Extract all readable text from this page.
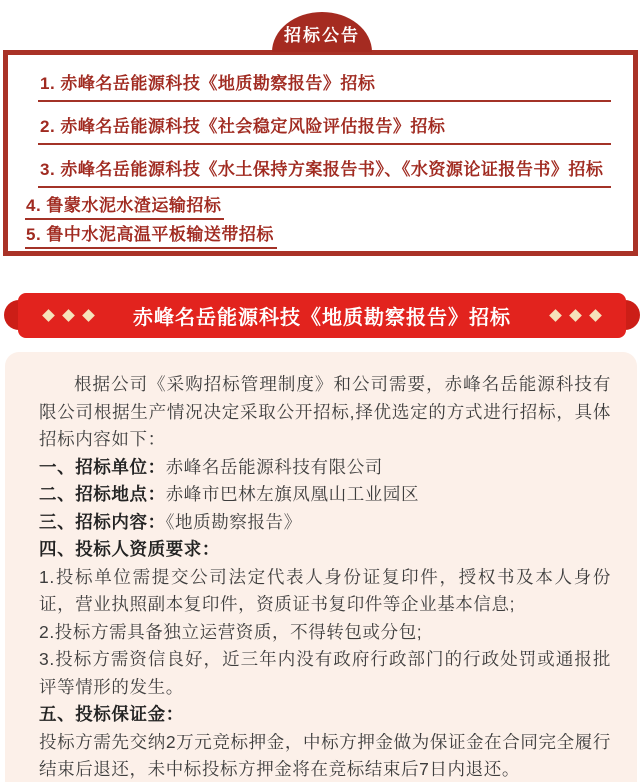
招标公告
1. 赤峰名岳能源科技《地质勘察报告》招标
2. 赤峰名岳能源科技《社会稳定风险评估报告》招标
3. 赤峰名岳能源科技《水土保持方案报告书》、《水资源论证报告书》招标
4. 鲁蒙水泥水渣运输招标
5. 鲁中水泥高温平板输送带招标
赤峰名岳能源科技《地质勘察报告》招标

根据公司《采购招标管理制度》和公司需要，赤峰名岳能源科技有限公司根据生产情况决定采取公开招标,择优选定的方式进行招标，具体招标内容如下：

一、招标单位：赤峰名岳能源科技有限公司

二、招标地点：赤峰市巴林左旗凤凰山工业园区

三、招标内容：《地质勘察报告》

四、投标人资质要求：

1.投标单位需提交公司法定代表人身份证复印件，授权书及本人身份证，营业执照副本复印件，资质证书复印件等企业基本信息;

2.投标方需具备独立运营资质，不得转包或分包;

3.投标方需资信良好，近三年内没有政府行政部门的行政处罚或通报批评等情形的发生。

五、投标保证金：

投标方需先交纳2万元竞标押金，中标方押金做为保证金在合同完全履行结束后退还，未中标投标方押金将在竞标结束后7日内退还。
